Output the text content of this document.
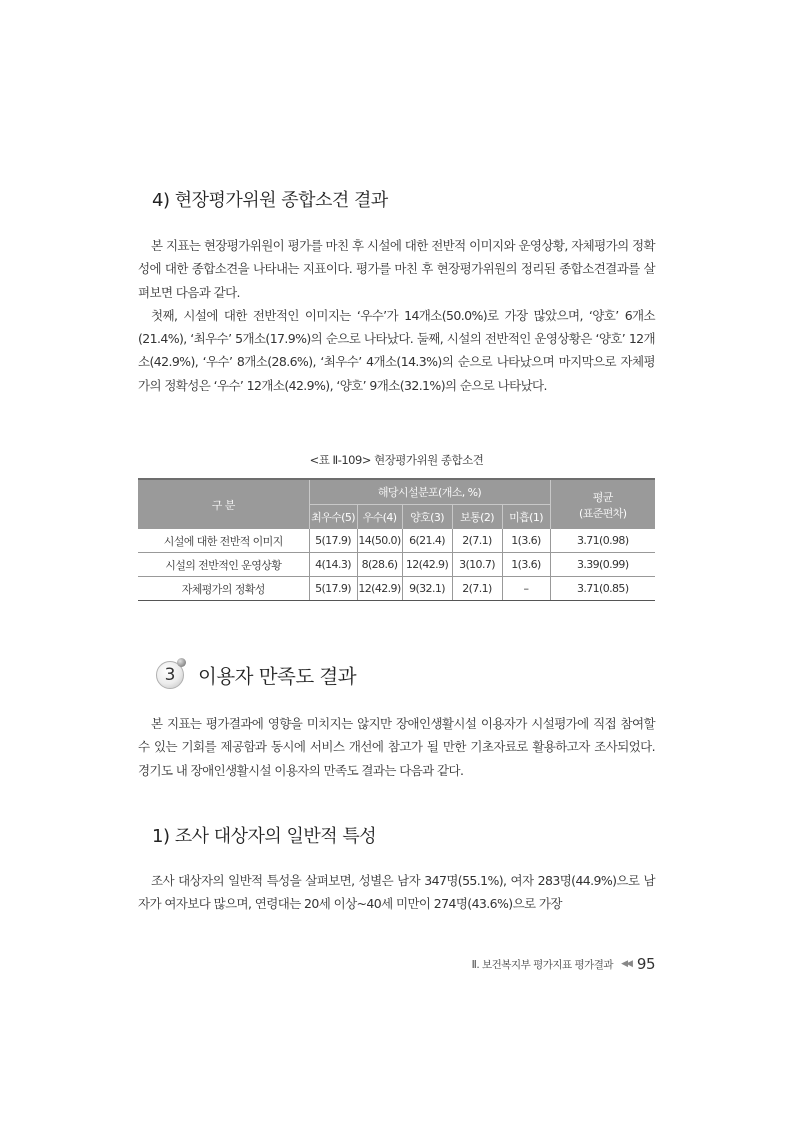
4) 현장평가위원 종합소견 결과

본 지표는 현장평가위원이 평가를 마친 후 시설에 대한 전반적 이미지와 운영상황, 자체평가의 정확성에 대한 종합소견을 나타내는 지표이다. 평가를 마친 후 현장평가위원의 정리된 종합소견결과를 살펴보면 다음과 같다.

첫째, 시설에 대한 전반적인 이미지는 ‘우수’가 14개소(50.0%)로 가장 많았으며, ‘양호’ 6개소(21.4%), ‘최우수’ 5개소(17.9%)의 순으로 나타났다. 둘째, 시설의 전반적인 운영상황은 ‘양호’ 12개소(42.9%), ‘우수’ 8개소(28.6%), ‘최우수’ 4개소(14.3%)의 순으로 나타났으며 마지막으로 자체평가의 정확성은 ‘우수’ 12개소(42.9%), ‘양호’ 9개소(32.1%)의 순으로 나타났다.

<표 Ⅱ-109> 현장평가위원 종합소견
구 분	해당시설분포(개소, %)					평균
(표준편차)

	최우수(5)	우수(4)	양호(3)	보통(2)	미흡(1)	
시설에 대한 전반적 이미지	5(17.9)	14(50.0)	6(21.4)	2(7.1)	1(3.6)	3.71(0.98)
시설의 전반적인 운영상황	4(14.3)	8(28.6)	12(42.9)	3(10.7)	1(3.6)	3.39(0.99)
자체평가의 정확성	5(17.9)	12(42.9)	9(32.1)	2(7.1)	–	3.71(0.85)
3 이용자 만족도 결과

본 지표는 평가결과에 영향을 미치지는 않지만 장애인생활시설 이용자가 시설평가에 직접 참여할 수 있는 기회를 제공함과 동시에 서비스 개선에 참고가 될 만한 기초자료로 활용하고자 조사되었다. 경기도 내 장애인생활시설 이용자의 만족도 결과는 다음과 같다.

1) 조사 대상자의 일반적 특성

조사 대상자의 일반적 특성을 살펴보면, 성별은 남자 347명(55.1%), 여자 283명(44.9%)으로 남자가 여자보다 많으며, 연령대는 20세 이상~40세 미만이 274명(43.6%)으로 가장

Ⅱ. 보건복지부 평가지표 평가결과 ◀◀ 95
